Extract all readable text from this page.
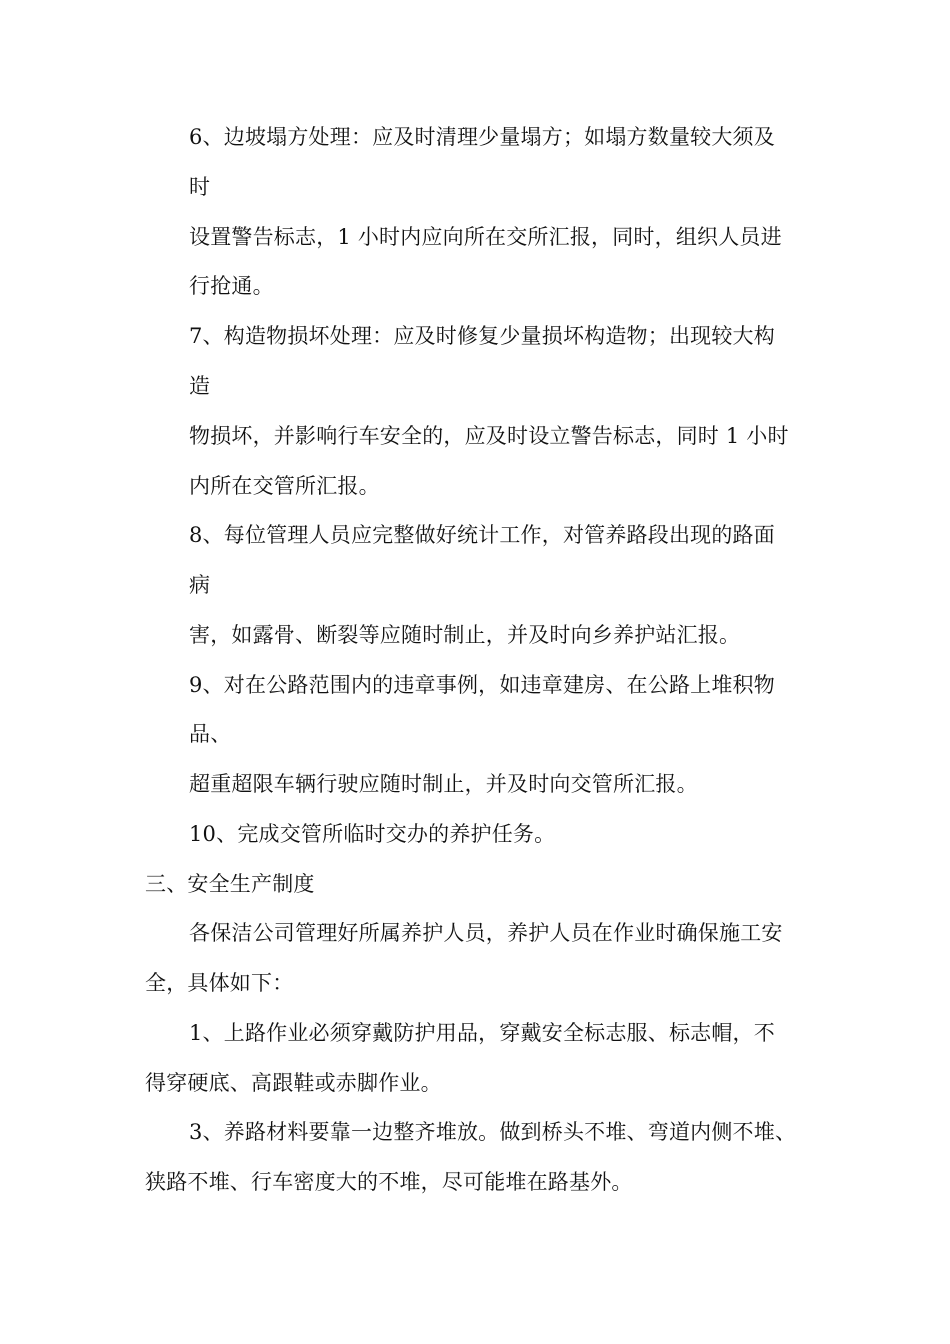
6、边坡塌方处理：应及时清理少量塌方；如塌方数量较大须及

时

设置警告标志，1 小时内应向所在交所汇报，同时，组织人员进

行抢通。

7、构造物损坏处理：应及时修复少量损坏构造物；出现较大构

造

物损坏，并影响行车安全的，应及时设立警告标志，同时 1 小时

内所在交管所汇报。

8、每位管理人员应完整做好统计工作，对管养路段出现的路面

病

害，如露骨、断裂等应随时制止，并及时向乡养护站汇报。

9、对在公路范围内的违章事例，如违章建房、在公路上堆积物

品、

超重超限车辆行驶应随时制止，并及时向交管所汇报。

10、完成交管所临时交办的养护任务。

三、安全生产制度

各保洁公司管理好所属养护人员，养护人员在作业时确保施工安

全，具体如下：

1、上路作业必须穿戴防护用品，穿戴安全标志服、标志帽，不

得穿硬底、高跟鞋或赤脚作业。

3、养路材料要靠一边整齐堆放。做到桥头不堆、弯道内侧不堆、

狭路不堆、行车密度大的不堆，尽可能堆在路基外。
